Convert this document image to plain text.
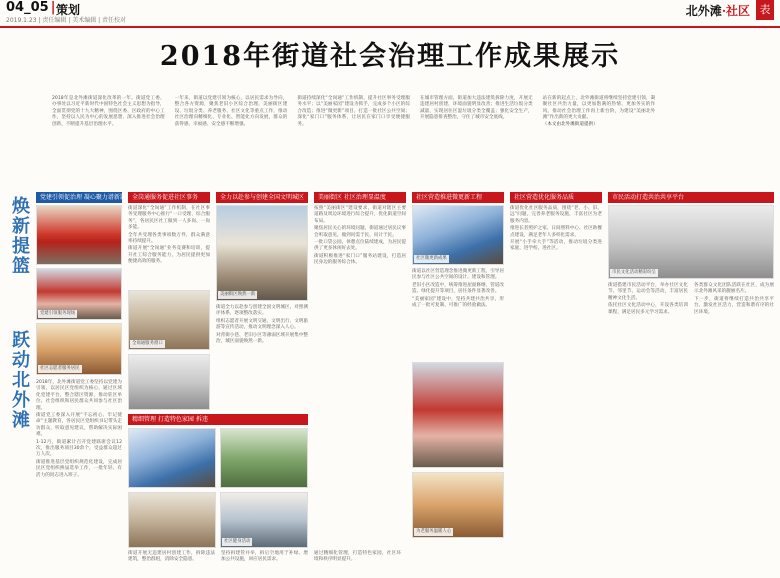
04_05 | 策划
2019.1.23 | 责任编辑 | 美术编辑 | 责任校对
北外滩·社区 表
2018年街道社会治理工作成果展示

2018年是北外滩街道深化改革的一年。街道党工委、办事处以习近平新时代中国特色社会主义思想为指导，全面贯彻党的十九大精神，围绕区委、区政府的中心工作，坚持以人民为中心的发展思想，深入推进社会治理创新，不断提升基层治理水平。

一年来，街道以党建引领为核心，以居民需求为导向，整合各方资源，聚焦老旧小区综合治理、美丽街区建设、垃圾分类、养老服务、社区文化等重点工作，推动社区治理向精细化、专业化、智能化方向发展，群众的获得感、幸福感、安全感不断增强。

街道持续深化“全岗通”工作机制，提升社区事务受理服务水平；以“美丽家园”建设为抓手，完成多个小区的综合改造；推进“微更新”项目，打造一批社区公共空间；深化“家门口”服务体系，让居民在家门口享受便捷服务。

在城市管理方面，街道加大违法建筑拆除力度，开展无违建居村创建，环境面貌明显改善；推进生活垃圾分类减量，实现居住区湿垃圾分类全覆盖；强化安全生产，开展隐患排查整治，守住了城市安全底线。

站在新的起点上，北外滩街道将继续坚持党建引领，凝聚社区共治力量，以更加饱满的热情、更加务实的作风，推动社会治理工作再上新台阶，为建设“美丽北外滩”作出新的更大贡献。

（本文由北外滩街道提供）

焕新提篮
跃动北外滩
党建引领促治理 凝心聚力谱新篇
党建引领服务现场
社区志愿者服务居民

2018年，北外滩街道党工委坚持以党建为引领，以居民区党组织为核心，通过区域化党建平台，整合辖区资源，推动驻区单位、社会组织和居民群众共同参与社区治理。

街道党工委深入开展“不忘初心、牢记使命”主题教育，各居民区党组织书记带头走访群众，听取意见建议，帮助解决实际困难。

1-12月，街道累计召开党建联席会议12次，推出服务项目30余个，受益群众超过万人次。

街道推进基层党组织规范化建设，完成居民区党组织换届选举工作，一批年轻、有活力的同志进入班子。

全岗通服务促进社区事务

街道深化“全岗通”工作机制，在社区事务受理服务中心推行“一口受理、综合服务”，各居民区社工做到一人多岗、一岗多能。

全年共受理各类事项数万件，群众满意率持续提升。

街道开展“全岗通”业务竞赛和培训，提升社工综合服务能力，为居民提供更加便捷高效的服务。

全岗通服务窗口
全力以赴参与创建全国文明城区
美丽街区焕然一新

街道全力以赴参与创建全国文明城区，对照测评体系，逐项整改落实。

组织志愿者开展文明交通、文明出行、文明旅游等宣传活动，推动文明理念深入人心。

对背街小巷、老旧小区等薄弱区域开展集中整治，城区面貌焕然一新。

精细管理 打造特色家园 拆违
社区健身活动

街道开展无违建居村创建工作，拆除违法建筑，整治群租，消除安全隐患。

坚持拆建管并举，拆后空地用于补绿、增加公共设施，回应居民需求。

通过精细化管理，打造特色家园，社区环境和秩序明显提升。

美丽街区 社区治理显温度

按照“美丽街区”建设要求，街道对辖区主要道路及周边环境进行综合提升，优化街道空间布局。

聚焦居民关心的环境问题，街道通过居民议事会听取意见，做到问需于民、问计于民。

一批口袋公园、休憩点位陆续建成，为居民提供了更多休闲好去处。

街道积极推进“家门口”服务站建设，打造居民身边的服务综合体。

社区营造推进微更新工程
社区微更新成果

街道以社区营造理念推进微更新工程，引导居民参与社区公共空间的设计、建设和管理。

老旧小区改造中，统筹推进屋面修缮、管道改造、绿化提升等项目，居住条件显著改善。

“美丽家园”建设中，坚持共建共治共享，形成了一批可复制、可推广的经验做法。

为老服务温暖人心
社区营造优化服务品质

街道优化社区服务品质，围绕“老、小、旧、远”问题，完善养老服务设施，丰富社区为老服务内容。

推进长者照护之家、日间照料中心、社区助餐点建设，满足老年人多样化需求。

开展“小手牵大手”等活动，推动垃圾分类进家庭、进学校、进社区。

市民活动打造共治共享平台
市民文化活动精彩纷呈

街道搭建市民活动平台，举办社区文化节、邻里节、运动会等活动，丰富居民精神文化生活。

依托社区文化活动中心，开设各类培训课程，满足居民多元学习需求。

各类群众文化团队活跃在社区，成为展示北外滩风采的靓丽名片。

下一步，街道将继续打造共治共享平台，激发社区活力，营造和谐有序的社区环境。
